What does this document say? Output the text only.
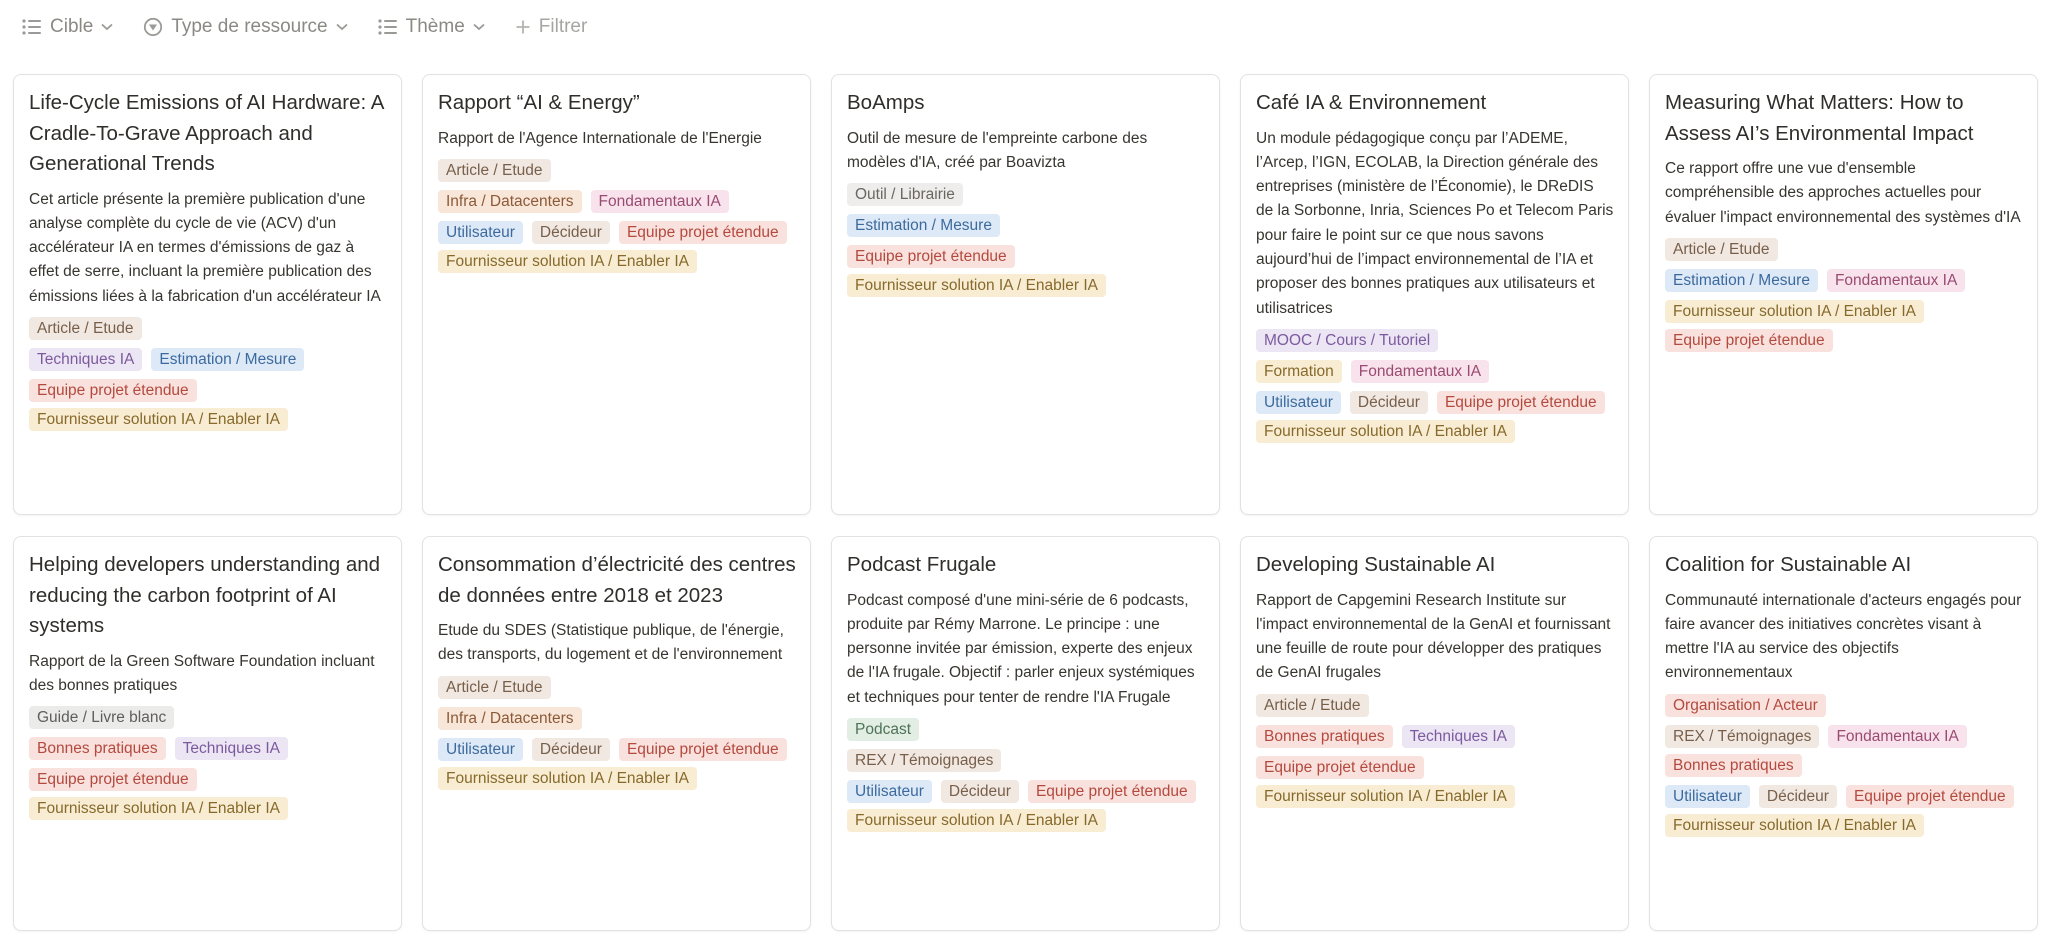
Cible	Type de ressource	Thème	Filtrer
Life-Cycle Emissions of AI Hardware: A Cradle-To-Grave Approach and Generational Trends
Cet article présente la première publication d'une analyse complète du cycle de vie (ACV) d'un accélérateur IA en termes d'émissions de gaz à effet de serre, incluant la première publication des émissions liées à la fabrication d'un accélérateur IA
Article / Etude
Techniques IA	Estimation / Mesure
Equipe projet étendue
Fournisseur solution IA / Enabler IA
Rapport “AI & Energy”
Rapport de l'Agence Internationale de l'Energie
Article / Etude
Infra / Datacenters	Fondamentaux IA
Utilisateur	Décideur	Equipe projet étendue
Fournisseur solution IA / Enabler IA
BoAmps
Outil de mesure de l'empreinte carbone des modèles d'IA, créé par Boavizta
Outil / Librairie
Estimation / Mesure
Equipe projet étendue
Fournisseur solution IA / Enabler IA
Café IA & Environnement
Un module pédagogique conçu par l’ADEME, l’Arcep, l’IGN, ECOLAB, la Direction générale des entreprises (ministère de l’Économie), le DReDIS de la Sorbonne, Inria, Sciences Po et Telecom Paris pour faire le point sur ce que nous savons aujourd’hui de l’impact environnemental de l’IA et proposer des bonnes pratiques aux utilisateurs et utilisatrices
MOOC / Cours / Tutoriel
Formation	Fondamentaux IA
Utilisateur	Décideur	Equipe projet étendue
Fournisseur solution IA / Enabler IA
Measuring What Matters: How to Assess AI’s Environmental Impact
Ce rapport offre une vue d'ensemble compréhensible des approches actuelles pour évaluer l'impact environnemental des systèmes d'IA
Article / Etude
Estimation / Mesure	Fondamentaux IA
Fournisseur solution IA / Enabler IA
Equipe projet étendue
Helping developers understanding and reducing the carbon footprint of AI systems
Rapport de la Green Software Foundation incluant des bonnes pratiques
Guide / Livre blanc
Bonnes pratiques	Techniques IA
Equipe projet étendue
Fournisseur solution IA / Enabler IA
Consommation d’électricité des centres de données entre 2018 et 2023
Etude du SDES (Statistique publique, de l'énergie, des transports, du logement et de l'environnement
Article / Etude
Infra / Datacenters
Utilisateur	Décideur	Equipe projet étendue
Fournisseur solution IA / Enabler IA
Podcast Frugale
Podcast composé d'une mini-série de 6 podcasts, produite par Rémy Marrone. Le principe : une personne invitée par émission, experte des enjeux de l'IA frugale. Objectif : parler enjeux systémiques et techniques pour tenter de rendre l'IA Frugale
Podcast
REX / Témoignages
Utilisateur	Décideur	Equipe projet étendue
Fournisseur solution IA / Enabler IA
Developing Sustainable AI
Rapport de Capgemini Research Institute sur l'impact environnemental de la GenAI et fournissant une feuille de route pour développer des pratiques de GenAI frugales
Article / Etude
Bonnes pratiques	Techniques IA
Equipe projet étendue
Fournisseur solution IA / Enabler IA
Coalition for Sustainable AI
Communauté internationale d'acteurs engagés pour faire avancer des initiatives concrètes visant à mettre l'IA au service des objectifs environnementaux
Organisation / Acteur
REX / Témoignages	Fondamentaux IA
Bonnes pratiques
Utilisateur	Décideur	Equipe projet étendue
Fournisseur solution IA / Enabler IA
